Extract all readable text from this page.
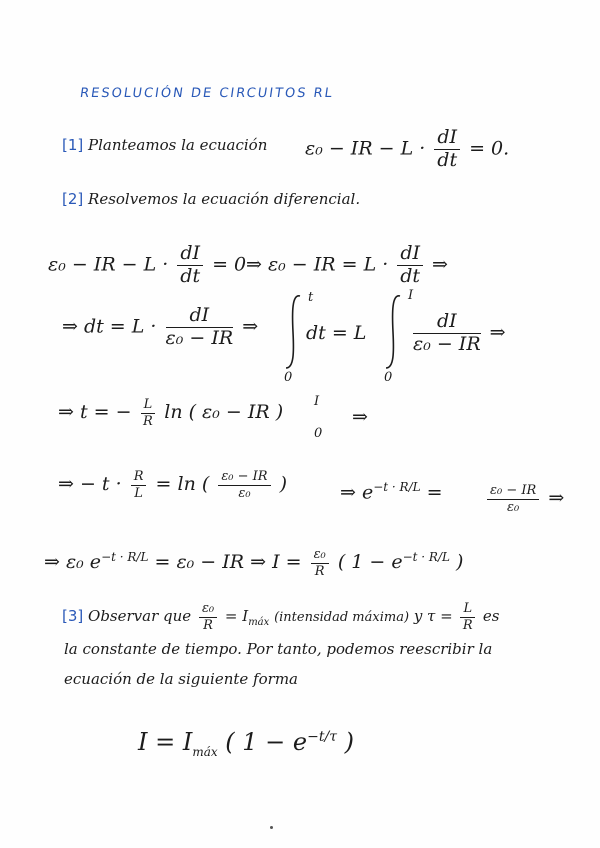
RESOLUCIÓN DE CIRCUITOS RL
[1] Planteamos la ecuación ε₀ − IR − $L \cdot \frac{dI}{dt} = 0$.
[2] Resolvemos la ecuación diferencial.
ε₀ − IR − $L \cdot \frac{dI}{dt} = 0$ ⇒ ε₀ − IR = $L \cdot \frac{dI}{dt}$ ⇒
⇒ dt = $L \cdot \frac{dI}{\text{ε₀ − IR}}$ ⇒
t
0
dt = L
I
0
$\frac{dI}{\text{ε₀ − IR}}$ ⇒
⇒ t = − $\frac{L}{R}$ ln ( ε₀ − IR ) I
0
⇒
⇒ − $t \cdot \frac{R}{L} = \ln$ ( $\frac{\text{ε₀ − IR}}{\text{ε₀}}$ )	⇒ $e^{-t \cdot R/L}$ =	$\frac{\text{ε₀ − IR}}{\text{ε₀}}$ ⇒
⇒ ε₀ $e^{-t \cdot R/L} = \varepsilon_0$ − IR ⇒ $I = \frac{\text{ε₀}}{R}$ ( $1 - e^{-t \cdot R/L}$ )
[3] Observar que $\frac{\text{ε₀}}{R} = I_{máx}$ (intensidad máxima) y $\tau = \frac{L}{R}$ es
la constante de tiempo. Por tanto, podemos reescribir la
ecuación de la siguiente forma
$I = I_{máx}$ ( $1 - e^{-t/\tau}$ )
